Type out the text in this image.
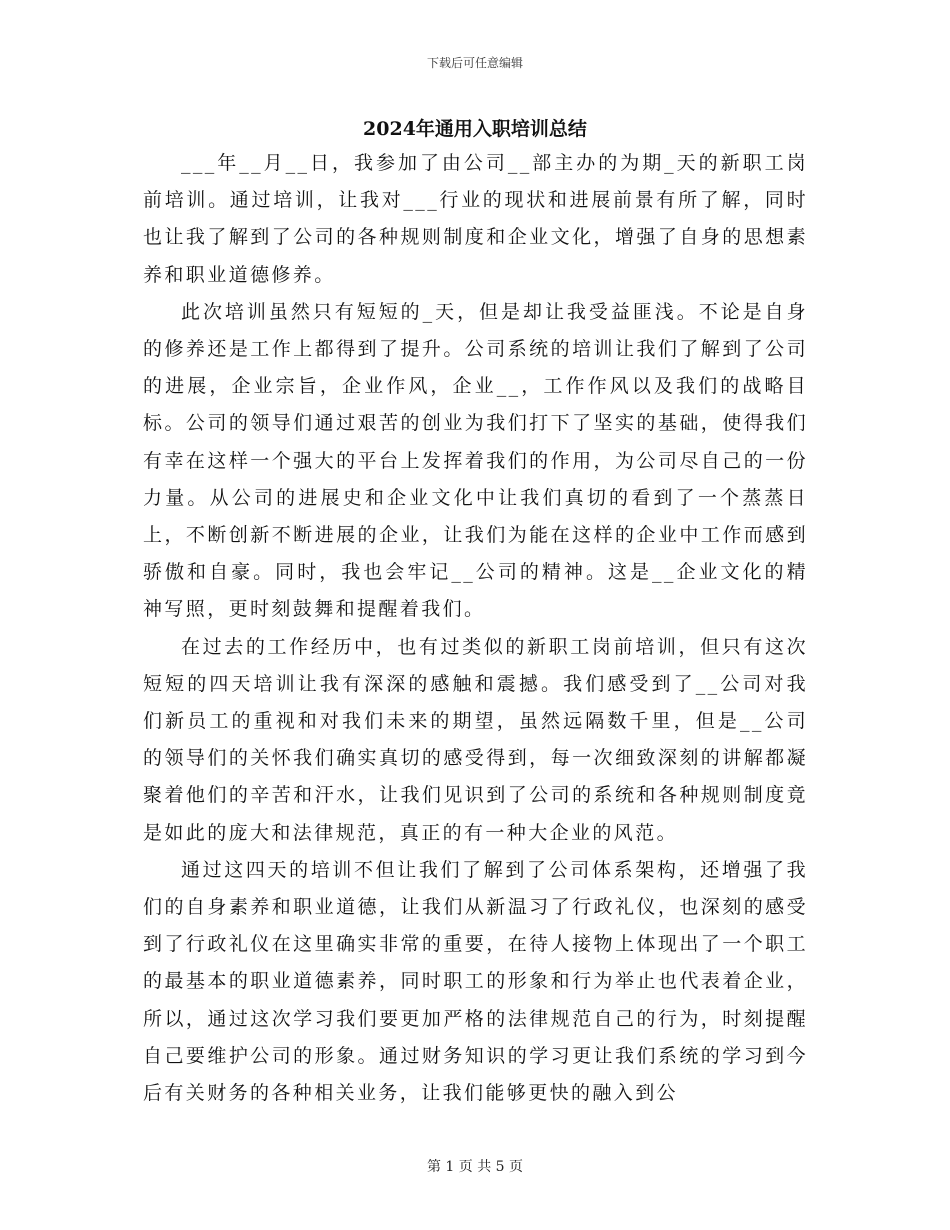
下载后可任意编辑
2024年通用入职培训总结

___年__月__日，我参加了由公司__部主办的为期_天的新职工岗前培训。通过培训，让我对___行业的现状和进展前景有所了解，同时也让我了解到了公司的各种规则制度和企业文化，增强了自身的思想素养和职业道德修养。

此次培训虽然只有短短的_天，但是却让我受益匪浅。不论是自身的修养还是工作上都得到了提升。公司系统的培训让我们了解到了公司的进展，企业宗旨，企业作风，企业__，工作作风以及我们的战略目标。公司的领导们通过艰苦的创业为我们打下了坚实的基础，使得我们有幸在这样一个强大的平台上发挥着我们的作用，为公司尽自己的一份力量。从公司的进展史和企业文化中让我们真切的看到了一个蒸蒸日上，不断创新不断进展的企业，让我们为能在这样的企业中工作而感到骄傲和自豪。同时，我也会牢记__公司的精神。这是__企业文化的精神写照，更时刻鼓舞和提醒着我们。

在过去的工作经历中，也有过类似的新职工岗前培训，但只有这次短短的四天培训让我有深深的感触和震撼。我们感受到了__公司对我们新员工的重视和对我们未来的期望，虽然远隔数千里，但是__公司的领导们的关怀我们确实真切的感受得到，每一次细致深刻的讲解都凝聚着他们的辛苦和汗水，让我们见识到了公司的系统和各种规则制度竟是如此的庞大和法律规范，真正的有一种大企业的风范。

通过这四天的培训不但让我们了解到了公司体系架构，还增强了我们的自身素养和职业道德，让我们从新温习了行政礼仪，也深刻的感受到了行政礼仪在这里确实非常的重要，在待人接物上体现出了一个职工的最基本的职业道德素养，同时职工的形象和行为举止也代表着企业，所以，通过这次学习我们要更加严格的法律规范自己的行为，时刻提醒自己要维护公司的形象。通过财务知识的学习更让我们系统的学习到今后有关财务的各种相关业务，让我们能够更快的融入到公

第 1 页 共 5 页
